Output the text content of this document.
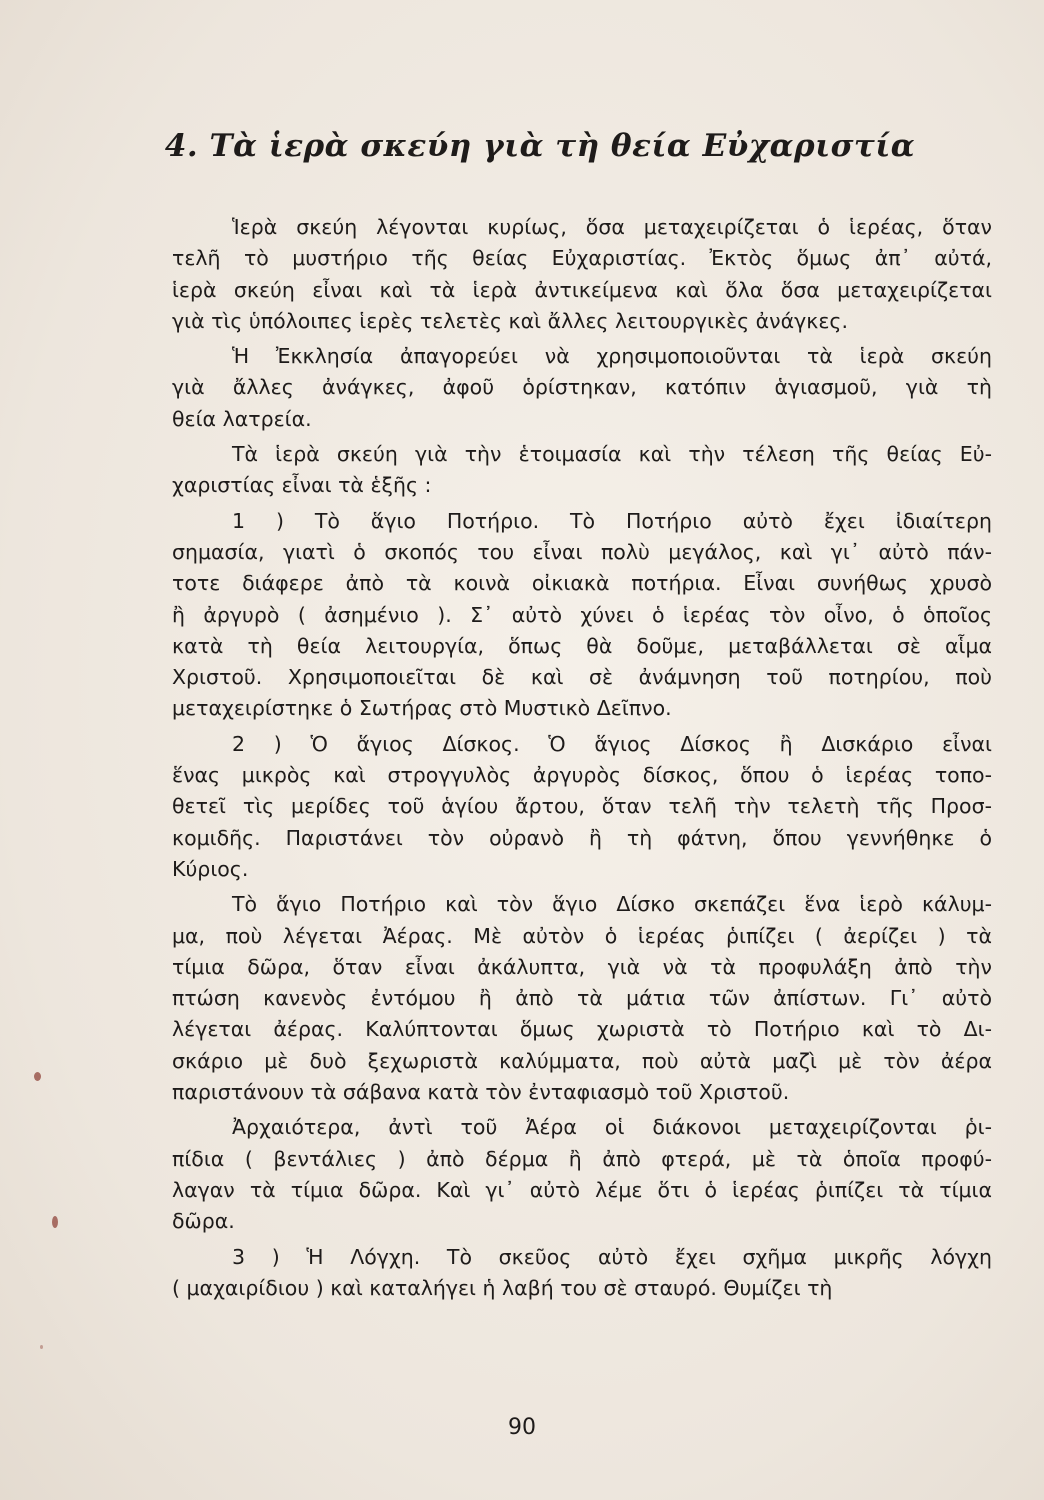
4. Τὰ ἱερὰ σκεύη γιὰ τὴ θεία Εὐχαριστία

Ἱερὰ σκεύη λέγονται κυρίως, ὅσα μεταχειρίζεται ὁ ἱερέας, ὅταν
τελῆ τὸ μυστήριο τῆς θείας Εὐχαριστίας. Ἐκτὸς ὅμως ἀπ᾽ αὐτά,
ἱερὰ σκεύη εἶναι καὶ τὰ ἱερὰ ἀντικείμενα καὶ ὅλα ὅσα μεταχειρίζεται
γιὰ τὶς ὑπόλοιπες ἱερὲς τελετὲς καὶ ἄλλες λειτουργικὲς ἀνάγκες.

Ἡ Ἐκκλησία ἀπαγορεύει νὰ χρησιμοποιοῦνται τὰ ἱερὰ σκεύη
γιὰ ἄλλες ἀνάγκες, ἀφοῦ ὁρίστηκαν, κατόπιν ἁγιασμοῦ, γιὰ τὴ
θεία λατρεία.

Τὰ ἱερὰ σκεύη γιὰ τὴν ἑτοιμασία καὶ τὴν τέλεση τῆς θείας Εὐ-
χαριστίας εἶναι τὰ ἑξῆς :

1 ) Τὸ ἅγιο Ποτήριο. Τὸ Ποτήριο αὐτὸ ἔχει ἰδιαίτερη
σημασία, γιατὶ ὁ σκοπός του εἶναι πολὺ μεγάλος, καὶ γι᾽ αὐτὸ πάν-
τοτε διάφερε ἀπὸ τὰ κοινὰ οἰκιακὰ ποτήρια. Εἶναι συνήθως χρυσὸ
ἢ ἀργυρὸ ( ἀσημένιο ). Σ᾽ αὐτὸ χύνει ὁ ἱερέας τὸν οἶνο, ὁ ὁποῖος
κατὰ τὴ θεία λειτουργία, ὅπως θὰ δοῦμε, μεταβάλλεται σὲ αἷμα
Χριστοῦ. Χρησιμοποιεῖται δὲ καὶ σὲ ἀνάμνηση τοῦ ποτηρίου, ποὺ
μεταχειρίστηκε ὁ Σωτήρας στὸ Μυστικὸ Δεῖπνο.

2 ) Ὁ ἅγιος Δίσκος. Ὁ ἅγιος Δίσκος ἢ Δισκάριο εἶναι
ἕνας μικρὸς καὶ στρογγυλὸς ἀργυρὸς δίσκος, ὅπου ὁ ἱερέας τοπο-
θετεῖ τὶς μερίδες τοῦ ἁγίου ἄρτου, ὅταν τελῆ τὴν τελετὴ τῆς Προσ-
κομιδῆς. Παριστάνει τὸν οὐρανὸ ἢ τὴ φάτνη, ὅπου γεννήθηκε ὁ
Κύριος.

Τὸ ἅγιο Ποτήριο καὶ τὸν ἅγιο Δίσκο σκεπάζει ἕνα ἱερὸ κάλυμ-
μα, ποὺ λέγεται Ἀέρας. Μὲ αὐτὸν ὁ ἱερέας ῥιπίζει ( ἀερίζει ) τὰ
τίμια δῶρα, ὅταν εἶναι ἀκάλυπτα, γιὰ νὰ τὰ προφυλάξη ἀπὸ τὴν
πτώση κανενὸς ἐντόμου ἢ ἀπὸ τὰ μάτια τῶν ἀπίστων. Γι᾽ αὐτὸ
λέγεται ἀέρας. Καλύπτονται ὅμως χωριστὰ τὸ Ποτήριο καὶ τὸ Δι-
σκάριο μὲ δυὸ ξεχωριστὰ καλύμματα, ποὺ αὐτὰ μαζὶ μὲ τὸν ἀέρα
παριστάνουν τὰ σάβανα κατὰ τὸν ἐνταφιασμὸ τοῦ Χριστοῦ.

Ἀρχαιότερα, ἀντὶ τοῦ Ἀέρα οἱ διάκονοι μεταχειρίζονται ῥι-
πίδια ( βεντάλιες ) ἀπὸ δέρμα ἢ ἀπὸ φτερά, μὲ τὰ ὁποῖα προφύ-
λαγαν τὰ τίμια δῶρα. Καὶ γι᾽ αὐτὸ λέμε ὅτι ὁ ἱερέας ῥιπίζει τὰ τίμια
δῶρα.

3 ) Ἡ Λόγχη. Τὸ σκεῦος αὐτὸ ἔχει σχῆμα μικρῆς λόγχη
( μαχαιρίδιου ) καὶ καταλήγει ἡ λαβή του σὲ σταυρό. Θυμίζει τὴ

90
